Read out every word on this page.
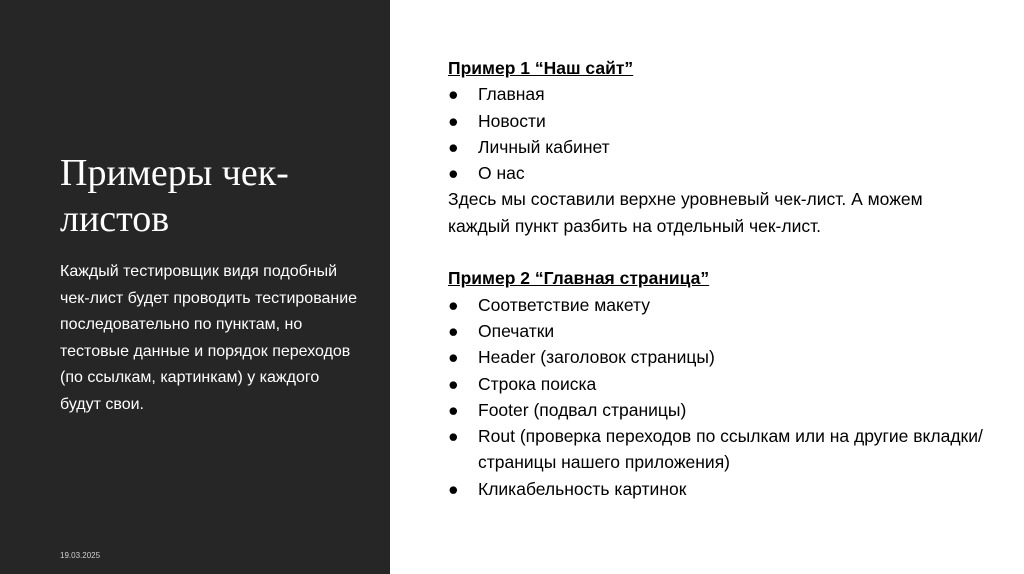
Примеры чек-
листов

Каждый тестировщик видя подобный чек-лист будет проводить тестирование последовательно по пунктам, но тестовые данные и порядок переходов (по ссылкам, картинкам) у каждого будут свои.

19.03.2025
Пример 1 “Наш сайт”
● Главная
● Новости
● Личный кабинет
● О нас

Здесь мы составили верхне уровневый чек-лист. А можем каждый пункт разбить на отдельный чек-лист.

Пример 2 “Главная страница”
● Соответствие макету
● Опечатки
● Header (заголовок страницы)
● Строка поиска
● Footer (подвал страницы)
● Rout (проверка переходов по ссылкам или на другие вкладки/страницы нашего приложения)
● Кликабельность картинок
